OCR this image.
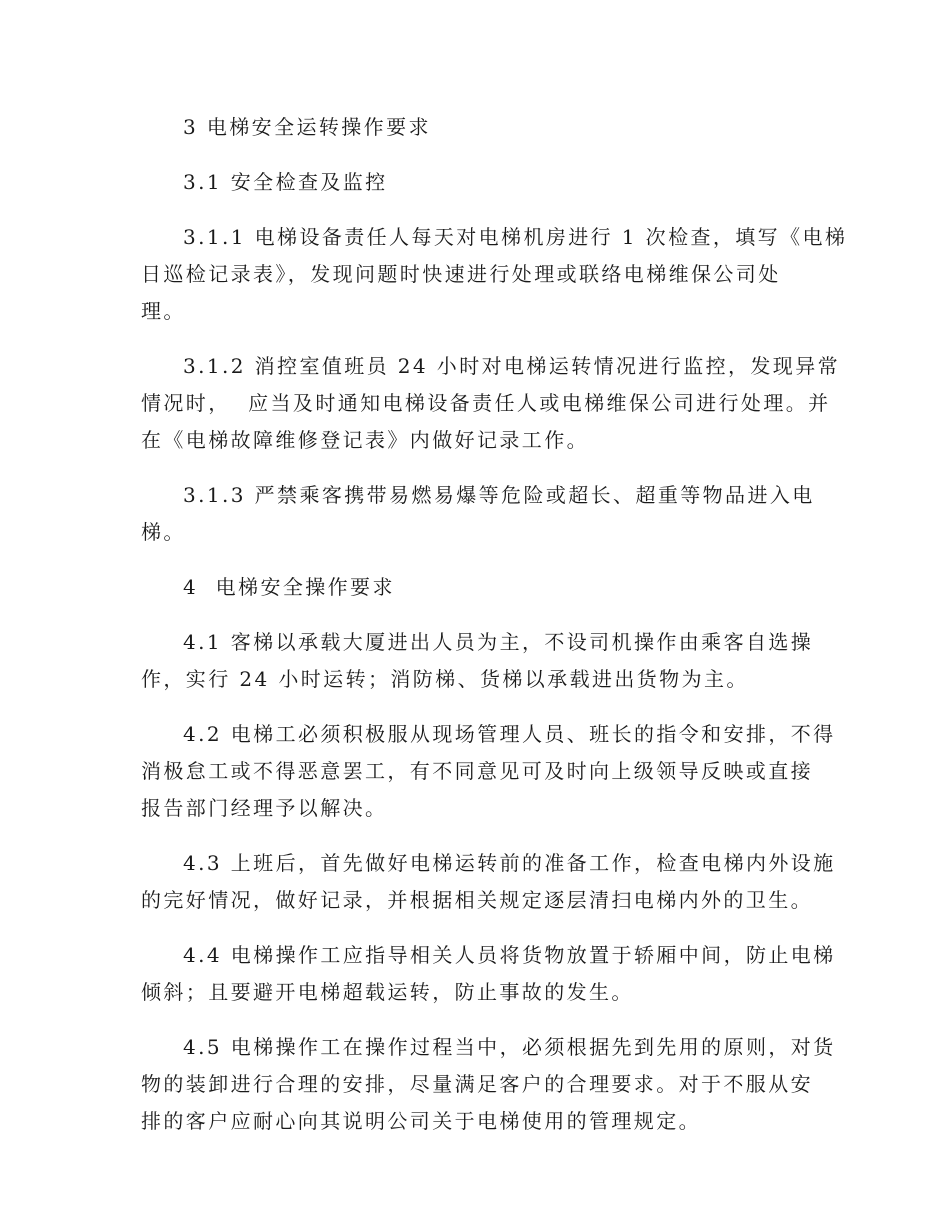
3 电梯安全运转操作要求
3.1 安全检查及监控
3.1.1 电梯设备责任人每天对电梯机房进行 1 次检查，填写《电梯
日巡检记录表》，发现问题时快速进行处理或联络电梯维保公司处
理。
3.1.2 消控室值班员 24 小时对电梯运转情况进行监控，发现异常
情况时，  应当及时通知电梯设备责任人或电梯维保公司进行处理。并
在《电梯故障维修登记表》内做好记录工作。
3.1.3 严禁乘客携带易燃易爆等危险或超长、超重等物品进入电
梯。
4  电梯安全操作要求
4.1 客梯以承载大厦进出人员为主，不设司机操作由乘客自选操
作，实行 24 小时运转；消防梯、货梯以承载进出货物为主。
4.2 电梯工必须积极服从现场管理人员、班长的指令和安排，不得
消极怠工或不得恶意罢工，有不同意见可及时向上级领导反映或直接
报告部门经理予以解决。
4.3 上班后，首先做好电梯运转前的准备工作，检查电梯内外设施
的完好情况，做好记录，并根据相关规定逐层清扫电梯内外的卫生。
4.4 电梯操作工应指导相关人员将货物放置于轿厢中间，防止电梯
倾斜；且要避开电梯超载运转，防止事故的发生。
4.5 电梯操作工在操作过程当中，必须根据先到先用的原则，对货
物的装卸进行合理的安排，尽量满足客户的合理要求。对于不服从安
排的客户应耐心向其说明公司关于电梯使用的管理规定。
